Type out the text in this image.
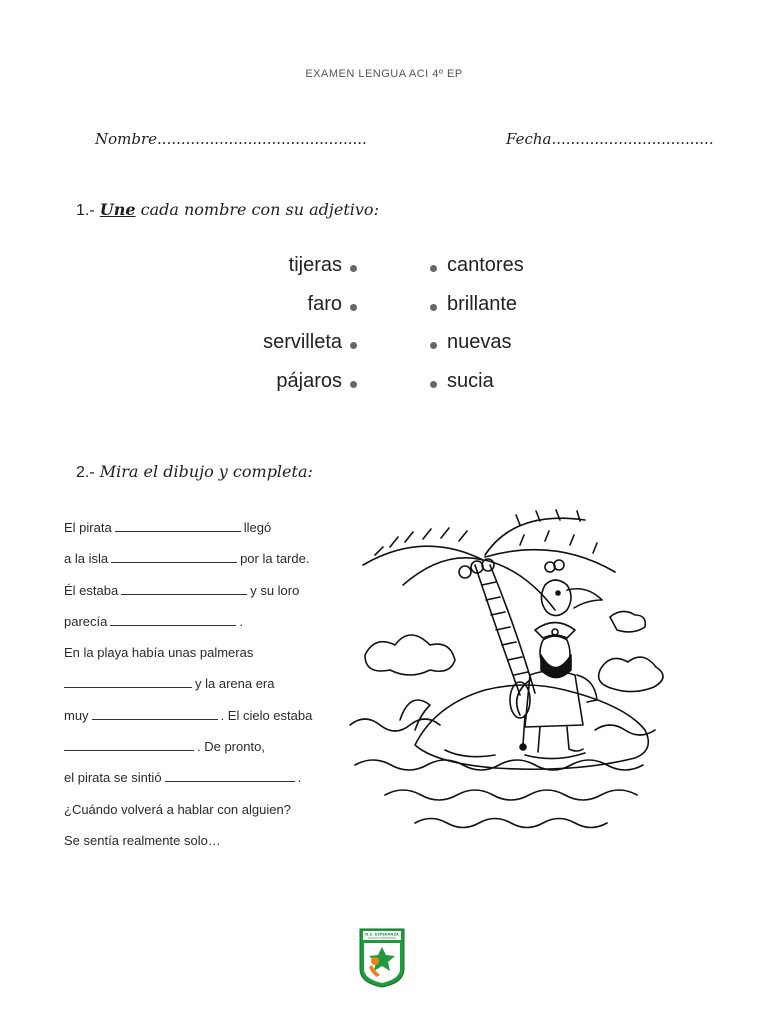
EXAMEN LENGUA ACI 4º EP
Nombre............................................	Fecha..................................
1.- Une cada nombre con su adjetivo:
tijeras	cantores
faro	brillante
servilleta	nuevas
pájaros	sucia
2.- Mira el dibujo y completa:
El pirata	llegó
a la isla	por la tarde.
Él estaba	y su loro
parecía	.
En la playa había unas palmeras
y la arena era
muy	. El cielo estaba
. De pronto,
el pirata se sintió	.
¿Cuándo volverá a hablar con alguien?
Se sentía realmente solo…
N.S. ESPERANZA
COLEGIO CONCERTADO
